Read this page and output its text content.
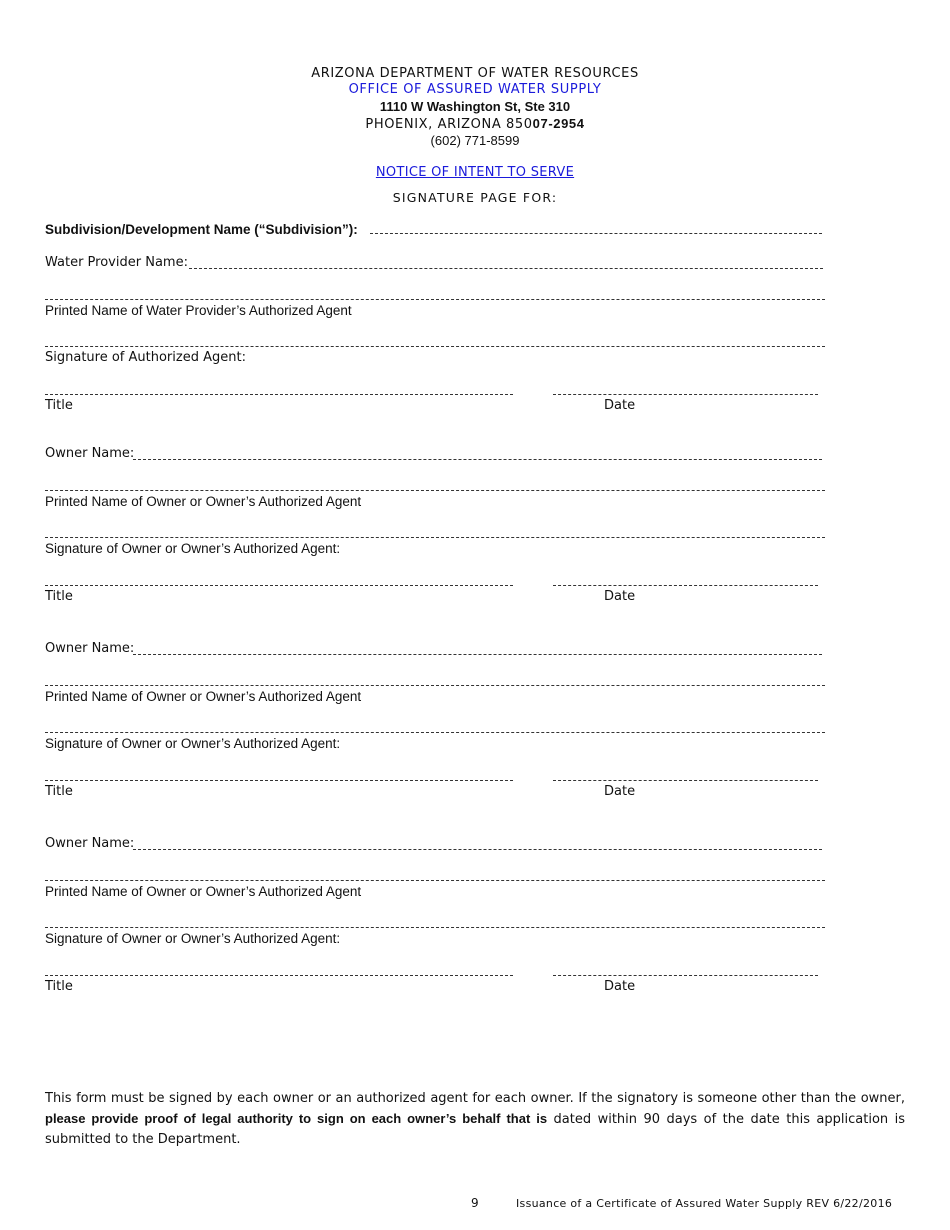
ARIZONA DEPARTMENT OF WATER RESOURCES
OFFICE OF ASSURED WATER SUPPLY
1110 W Washington St, Ste 310
PHOENIX, ARIZONA 85007-2954
(602) 771-8599
NOTICE OF INTENT TO SERVE
SIGNATURE PAGE FOR:
Subdivision/Development Name (“Subdivision”):
Water Provider Name:
Printed Name of Water Provider’s Authorized Agent
Signature of Authorized Agent:
Title	Date
Owner Name:
Printed Name of Owner or Owner’s Authorized Agent
Signature of Owner or Owner’s Authorized Agent:
Title	Date
Owner Name:
Printed Name of Owner or Owner’s Authorized Agent
Signature of Owner or Owner’s Authorized Agent:
Title	Date
Owner Name:
Printed Name of Owner or Owner’s Authorized Agent
Signature of Owner or Owner’s Authorized Agent:
Title	Date
This form must be signed by each owner or an authorized agent for each owner. If the signatory is someone other than the owner, please provide proof of legal authority to sign on each owner’s behalf that is dated within 90 days of the date this application is submitted to the Department.
9	Issuance of a Certificate of Assured Water Supply REV 6/22/2016
